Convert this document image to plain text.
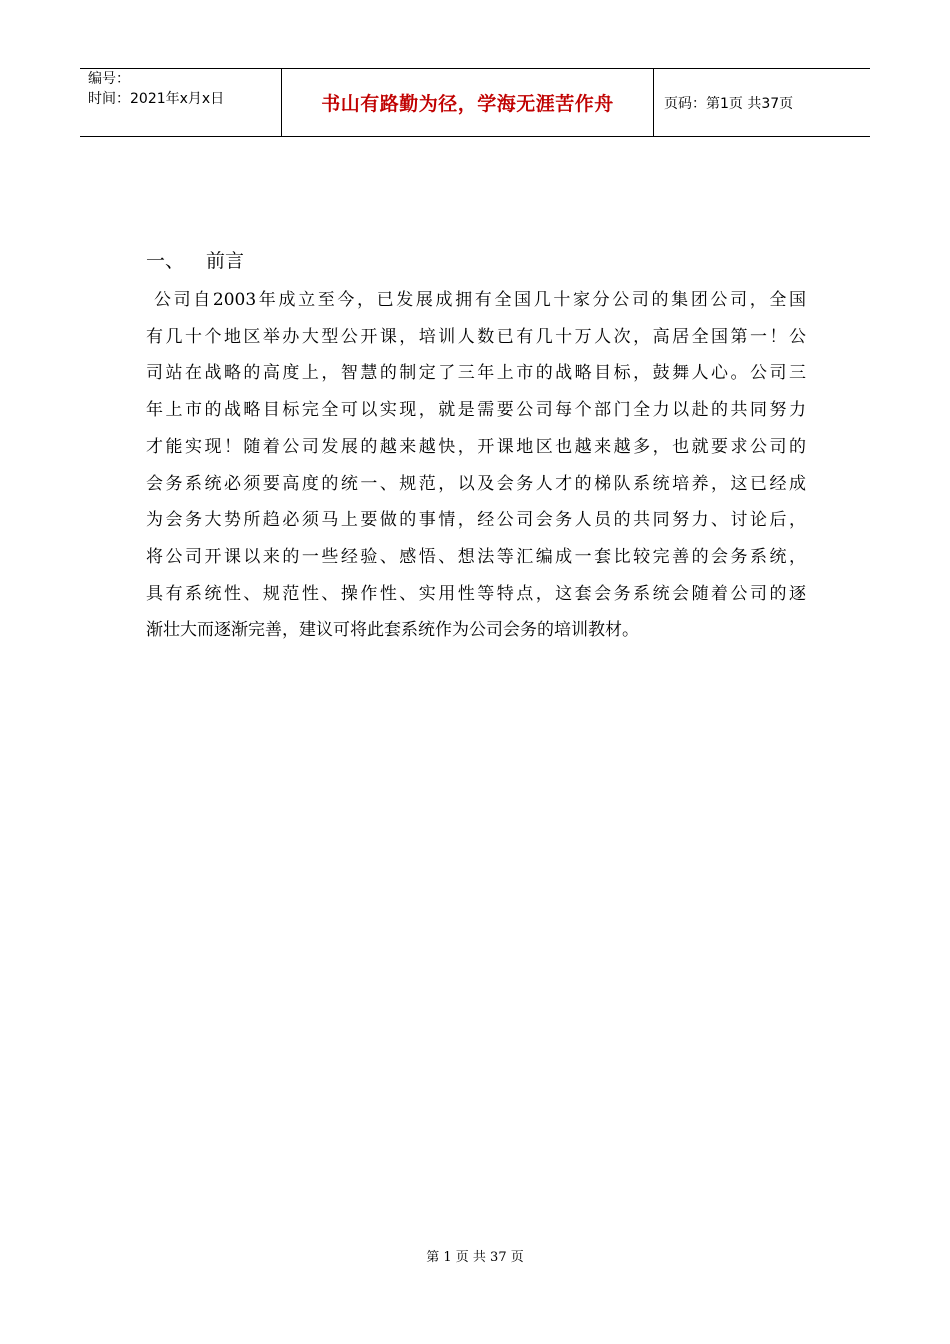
编号：
时间：2021年x月x日	书山有路勤为径，学海无涯苦作舟	页码：第1页 共37页
一、 前言
公司自2003年成立至今，已发展成拥有全国几十家分公司的集团公司，全国
有几十个地区举办大型公开课，培训人数已有几十万人次，高居全国第一！公
司站在战略的高度上，智慧的制定了三年上市的战略目标，鼓舞人心。公司三
年上市的战略目标完全可以实现，就是需要公司每个部门全力以赴的共同努力
才能实现！随着公司发展的越来越快，开课地区也越来越多，也就要求公司的
会务系统必须要高度的统一、规范，以及会务人才的梯队系统培养，这已经成
为会务大势所趋必须马上要做的事情，经公司会务人员的共同努力、讨论后，
将公司开课以来的一些经验、感悟、想法等汇编成一套比较完善的会务系统，
具有系统性、规范性、操作性、实用性等特点，这套会务系统会随着公司的逐
渐壮大而逐渐完善，建议可将此套系统作为公司会务的培训教材。
第 1 页 共 37 页
